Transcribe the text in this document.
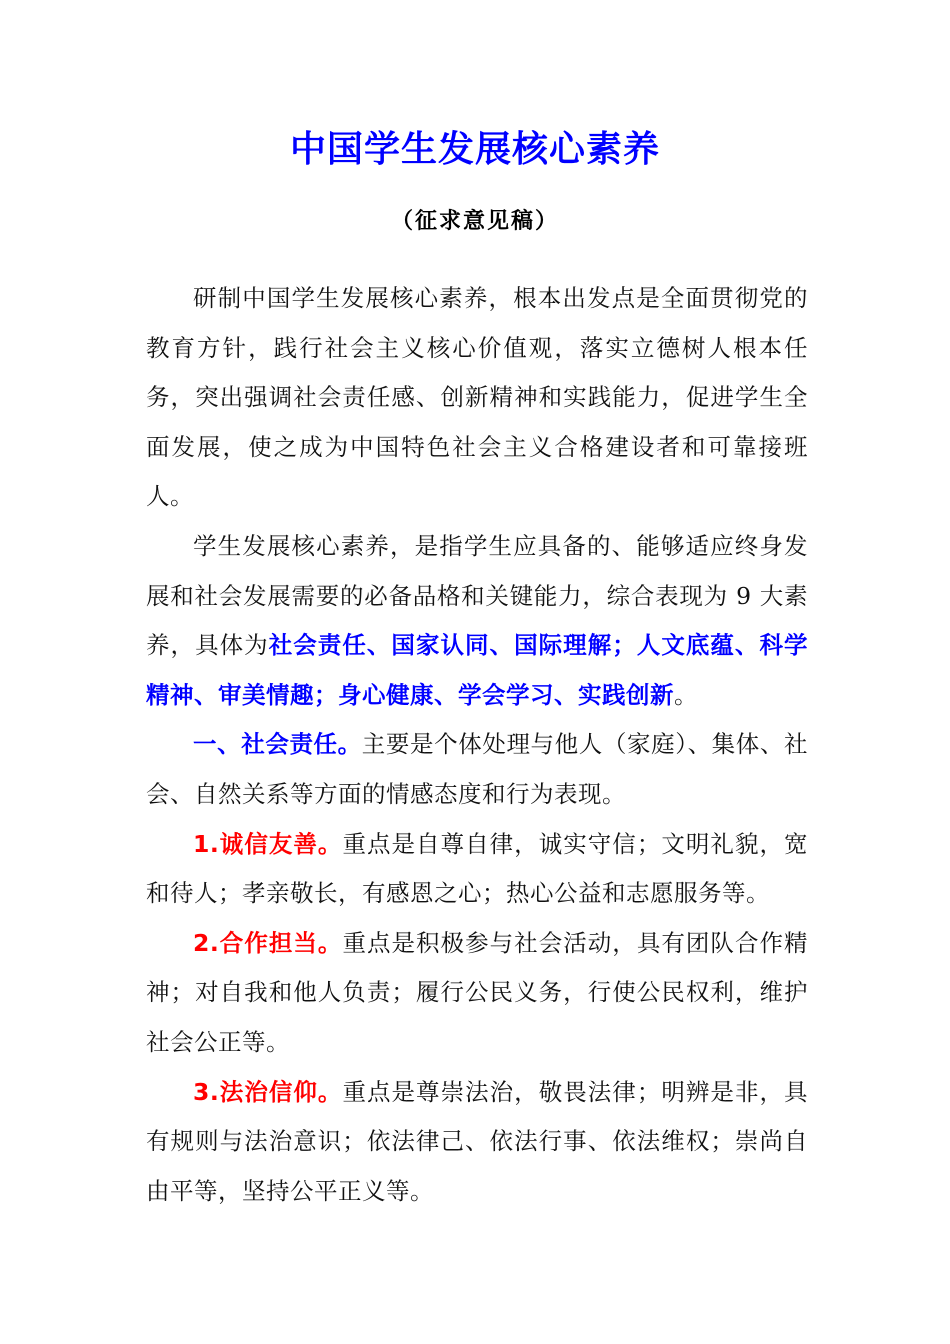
中国学生发展核心素养
（征求意见稿）

研制中国学生发展核心素养，根本出发点是全面贯彻党的教育方针，践行社会主义核心价值观，落实立德树人根本任务，突出强调社会责任感、创新精神和实践能力，促进学生全面发展，使之成为中国特色社会主义合格建设者和可靠接班人。

学生发展核心素养，是指学生应具备的、能够适应终身发展和社会发展需要的必备品格和关键能力，综合表现为 9 大素养，具体为社会责任、国家认同、国际理解；人文底蕴、科学精神、审美情趣；身心健康、学会学习、实践创新。

一、社会责任。主要是个体处理与他人（家庭）、集体、社会、自然关系等方面的情感态度和行为表现。

1.诚信友善。重点是自尊自律，诚实守信；文明礼貌，宽和待人；孝亲敬长，有感恩之心；热心公益和志愿服务等。

2.合作担当。重点是积极参与社会活动，具有团队合作精神；对自我和他人负责；履行公民义务，行使公民权利，维护社会公正等。

3.法治信仰。重点是尊崇法治，敬畏法律；明辨是非，具有规则与法治意识；依法律己、依法行事、依法维权；崇尚自由平等，坚持公平正义等。
